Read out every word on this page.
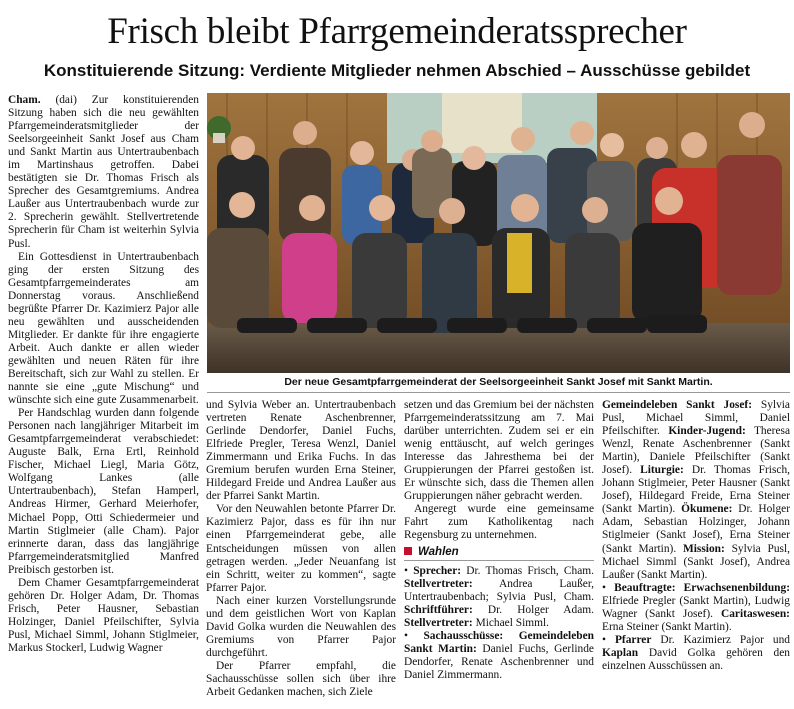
Frisch bleibt Pfarrgemeinderatssprecher
Konstituierende Sitzung: Verdiente Mitglieder nehmen Abschied – Ausschüsse gebildet

Cham. (dai) Zur konstituierenden Sitzung haben sich die neu gewählten Pfarrgemeinderatsmitglieder der Seelsorgeeinheit Sankt Josef aus Cham und Sankt Martin aus Untertraubenbach im Martinshaus getroffen. Dabei bestätigten sie Dr. Thomas Frisch als Sprecher des Gesamtgremiums. Andrea Laußer aus Untertraubenbach wurde zur 2. Sprecherin gewählt. Stellvertretende Sprecherin für Cham ist weiterhin Sylvia Pusl.

Ein Gottesdienst in Untertraubenbach ging der ersten Sitzung des Gesamtpfarrgemeinderates am Donnerstag voraus. Anschließend begrüßte Pfarrer Dr. Kazimierz Pajor alle neu gewählten und ausscheidenden Mitglieder. Er dankte für ihre engagierte Arbeit. Auch dankte er allen wieder gewählten und neuen Räten für ihre Bereitschaft, sich zur Wahl zu stellen. Er nannte sie eine „gute Mischung“ und wünschte sich eine gute Zusammenarbeit.

Per Handschlag wurden dann folgende Personen nach langjähriger Mitarbeit im Gesamtpfarrgemeinderat verabschiedet: Auguste Balk, Erna Ertl, Reinhold Fischer, Michael Liegl, Maria Götz, Wolfgang Lankes (alle Untertraubenbach), Stefan Hamperl, Andreas Hirmer, Gerhard Meierhofer, Michael Popp, Otti Schiedermeier und Martin Stiglmeier (alle Cham). Pajor erinnerte daran, dass das langjährige Pfarrgemeinderatsmitglied Manfred Preibisch gestorben ist.

Dem Chamer Gesamtpfarrgemeinderat gehören Dr. Holger Adam, Dr. Thomas Frisch, Peter Hausner, Sebastian Holzinger, Daniel Pfeilschifter, Sylvia Pusl, Michael Simml, Johann Stiglmeier, Markus Stockerl, Ludwig Wagner

Der neue Gesamtpfarrgemeinderat der Seelsorgeeinheit Sankt Josef mit Sankt Martin.

und Sylvia Weber an. Untertraubenbach vertreten Renate Aschenbrenner, Gerlinde Dendorfer, Daniel Fuchs, Elfriede Pregler, Teresa Wenzl, Daniel Zimmermann und Erika Fuchs. In das Gremium berufen wurden Erna Steiner, Hildegard Freide und Andrea Laußer aus der Pfarrei Sankt Martin.

Vor den Neuwahlen betonte Pfarrer Dr. Kazimierz Pajor, dass es für ihn nur einen Pfarrgemeinderat gebe, alle Entscheidungen müssen von allen getragen werden. „Jeder Neuanfang ist ein Schritt, weiter zu kommen“, sagte Pfarrer Pajor.

Nach einer kurzen Vorstellungsrunde und dem geistlichen Wort von Kaplan David Golka wurden die Neuwahlen des Gremiums von Pfarrer Pajor durchgeführt.

Der Pfarrer empfahl, die Sachausschüsse sollen sich über ihre Arbeit Gedanken machen, sich Ziele

setzen und das Gremium bei der nächsten Pfarrgemeinderatssitzung am 7. Mai darüber unterrichten. Zudem sei er ein wenig enttäuscht, auf welch geringes Interesse das Jahresthema bei der Gruppierungen der Pfarrei gestoßen ist. Er wünschte sich, dass die Themen allen Gruppierungen näher gebracht werden.

Angeregt wurde eine gemeinsame Fahrt zum Katholikentag nach Regensburg zu unternehmen.

Wahlen

• Sprecher: Dr. Thomas Frisch, Cham. Stellvertreter: Andrea Laußer, Untertraubenbach; Sylvia Pusl, Cham. Schriftführer: Dr. Holger Adam. Stellvertreter: Michael Simml.

• Sachausschüsse: Gemeindeleben Sankt Martin: Daniel Fuchs, Gerlinde Dendorfer, Renate Aschenbrenner und Daniel Zimmermann.

Gemeindeleben Sankt Josef: Sylvia Pusl, Michael Simml, Daniel Pfeilschifter. Kinder-Jugend: Theresa Wenzl, Renate Aschenbrenner (Sankt Martin), Daniele Pfeilschifter (Sankt Josef). Liturgie: Dr. Thomas Frisch, Johann Stiglmeier, Peter Hausner (Sankt Josef), Hildegard Freide, Erna Steiner (Sankt Martin). Ökumene: Dr. Holger Adam, Sebastian Holzinger, Johann Stiglmeier (Sankt Josef), Erna Steiner (Sankt Martin). Mission: Sylvia Pusl, Michael Simml (Sankt Josef), Andrea Laußer (Sankt Martin).

• Beauftragte: Erwachsenenbildung: Elfriede Pregler (Sankt Martin), Ludwig Wagner (Sankt Josef). Caritaswesen: Erna Steiner (Sankt Martin).

• Pfarrer Dr. Kazimierz Pajor und Kaplan David Golka gehören den einzelnen Ausschüssen an.
